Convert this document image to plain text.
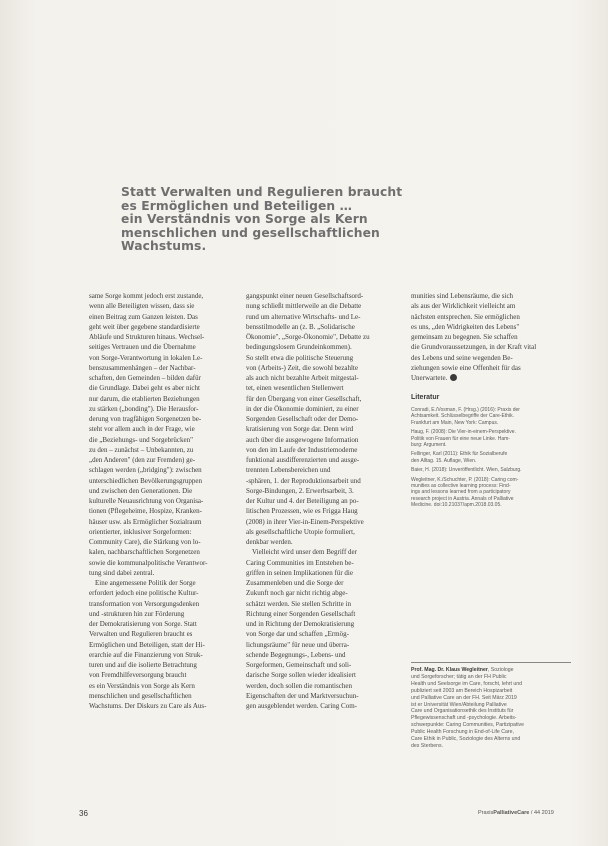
Statt Verwalten und Regulieren braucht
es Ermöglichen und Beteiligen …
ein Verständnis von Sorge als Kern
menschlichen und gesellschaftlichen
Wachstums.
same Sorge kommt jedoch erst zustande,
wenn alle Beteiligten wissen, dass sie
einen Beitrag zum Ganzen leisten. Das
geht weit über gegebene standardisierte
Abläufe und Strukturen hinaus. Wechsel-
seitiges Vertrauen und die Übernahme
von Sorge-Verantwortung in lokalen Le-
benszusammenhängen – der Nachbar-
schaften, den Gemeinden – bilden dafür
die Grundlage. Dabei geht es aber nicht
nur darum, die etablierten Beziehungen
zu stärken („bonding"). Die Herausfor-
derung von tragfähigen Sorgenetzen be-
steht vor allem auch in der Frage, wie
die „Beziehungs- und Sorgebrücken"
zu den – zunächst – Unbekannten, zu
„den Anderen" (den zur Fremden) ge-
schlagen werden („bridging"): zwischen
unterschiedlichen Bevölkerungsgruppen
und zwischen den Generationen. Die
kulturelle Neuausrichtung von Organisa-
tionen (Pflegeheime, Hospize, Kranken-
häuser usw. als Ermöglicher Sozialraum
orientierter, inklusiver Sorgeformen:
Community Care), die Stärkung von lo-
kalen, nachbarschaftlichen Sorgenetzen
sowie die kommunalpolitische Verantwor-
tung sind dabei zentral.
Eine angemessene Politik der Sorge
erfordert jedoch eine politische Kultur-
transformation von Versorgungsdenken
und -strukturen hin zur Förderung
der Demokratisierung von Sorge. Statt
Verwalten und Regulieren braucht es
Ermöglichen und Beteiligen, statt der Hi-
erarchie auf die Finanzierung von Struk-
turen und auf die isolierte Betrachtung
von Fremdhilfeversorgung braucht
es ein Verständnis von Sorge als Kern
menschlichen und gesellschaftlichen
Wachstums. Der Diskurs zu Care als Aus-
gangspunkt einer neuen Gesellschaftsord-
nung schließt mittlerweile an die Debatte
rund um alternative Wirtschafts- und Le-
bensstilmodelle an (z. B. „Solidarische
Ökonomie", „Sorge-Ökonomie", Debatte zu
bedingungslosem Grundeinkommen).
So stellt etwa die politische Steuerung
von (Arbeits-) Zeit, die sowohl bezahlte
als auch nicht bezahlte Arbeit mitgestal-
tet, einen wesentlichen Stellenwert
für den Übergang von einer Gesellschaft,
in der die Ökonomie dominiert, zu einer
Sorgenden Gesellschaft oder der Demo-
kratisierung von Sorge dar. Denn wird
auch über die ausgewogene Information
von den im Laufe der Industriemoderne
funktional ausdifferenzierten und ausge-
trennten Lebensbereichen und
-sphären, 1. der Reproduktionsarbeit und
Sorge-Bindungen, 2. Erwerbsarbeit, 3.
der Kultur und 4. der Beteiligung an po-
litischen Prozessen, wie es Frigga Haug
(2008) in ihrer Vier-in-Einem-Perspektive
als gesellschaftliche Utopie formuliert,
denkbar werden.
Vielleicht wird unser dem Begriff der
Caring Communities im Entstehen be-
griffen in seinen Implikationen für die
Zusammenleben und die Sorge der
Zukunft noch gar nicht richtig abge-
schätzt werden. Sie stellen Schritte in
Richtung einer Sorgenden Gesellschaft
und in Richtung der Demokratisierung
von Sorge dar und schaffen „Ermög-
lichungsräume" für neue und überra-
schende Begegnungs-, Lebens- und
Sorgeformen, Gemeinschaft und soli-
darische Sorge sollen wieder idealisiert
werden, doch sollen die romantischen
Eigenschaften der und Marktversuchun-
gen ausgeblendet werden. Caring Com-
munities sind Lebensräume, die sich
als aus der Wirklichkeit vielleicht am
nächsten entsprechen. Sie ermöglichen
es uns, „den Widrigkeiten des Lebens"
gemeinsam zu begegnen. Sie schaffen
die Grundvoraussetzungen, in der Kraft vital
des Lebens und seine wegenden Be-
ziehungen sowie eine Offenheit für das
Unerwartete.
Literatur
Conradi, E./Vosman, F. (Hrsg.) (2016): Praxis der
Achtsamkeit. Schlüsselbegriffe der Care-Ethik.
Frankfurt am Main, New York: Campus.
Haug, F. (2008): Die Vier-in-einem-Perspektive.
Politik von Frauen für eine neue Linke. Ham-
burg: Argument.
Fellinger, Karl (2011): Ethik für Sozialberufe
den Alltag. 15. Auflage, Wien.
Baier, H. (2018): Unveröffentlicht. Wien, Salzburg.
Wegleitner, K./Schuchter, P. (2018): Caring com-
munities as collective learning process: Find-
ings and lessons learned from a participatory
research project in Austria. Annals of Palliative
Medicine. doi:10.21037/apm.2018.03.05.
Prof. Mag. Dr. Klaus Wegleitner, Soziologe
und Sorgeforscher; tätig an der FH Public
Health und Seelsorge im Care, forscht, lehrt und
publiziert seit 2003 am Bereich Hospizarbeit
und Palliative Care an der FH. Seit März 2019
ist er Universität Wien/Abteilung Palliative
Care und Organisationsethik des Instituts für
Pflegewissenschaft und -psychologie. Arbeits-
schwerpunkte: Caring Communities, Partizipative
Public Health Forschung in End-of-Life Care,
Care Ethik in Public, Soziologie des Alterns und
des Sterbens.
36	PraxisPalliativeCare / 44 2019
